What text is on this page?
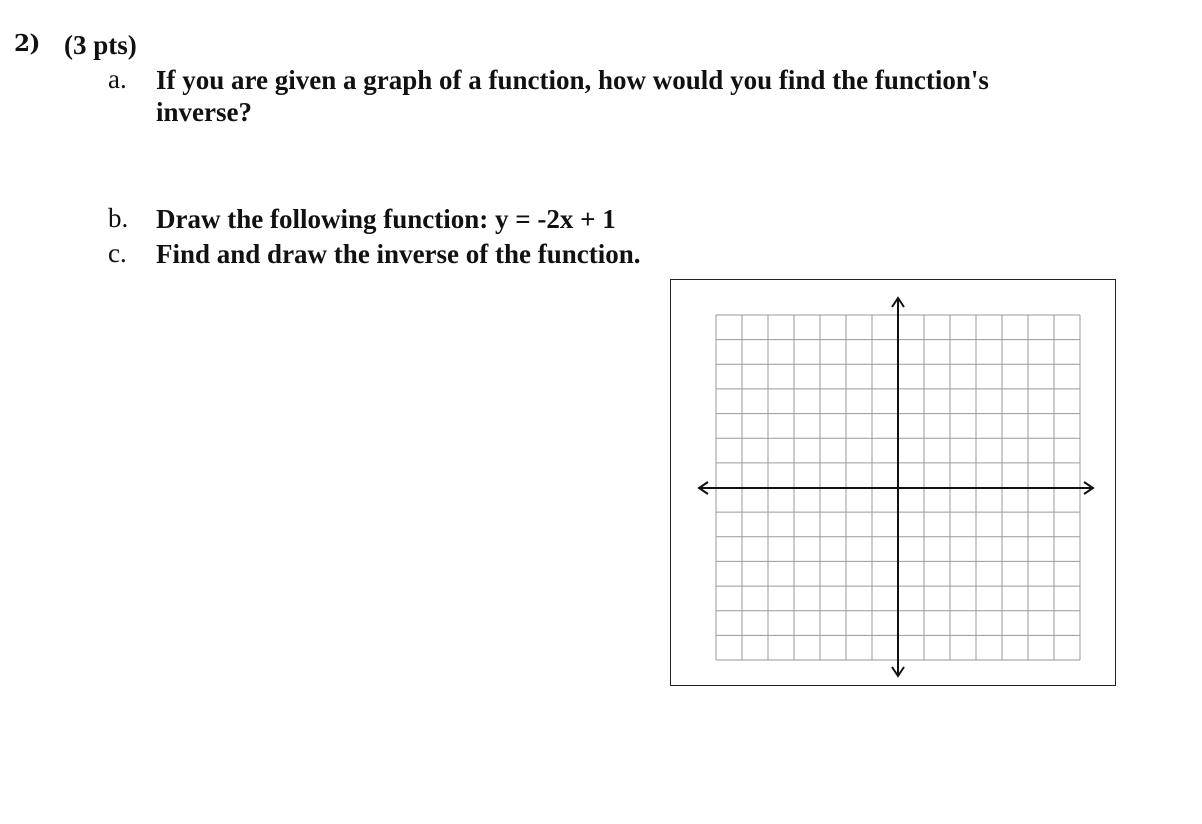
2) (3 pts)
a. If you are given a graph of a function, how would you find the function's
inverse?
b. Draw the following function: y = -2x + 1
c. Find and draw the inverse of the function.
